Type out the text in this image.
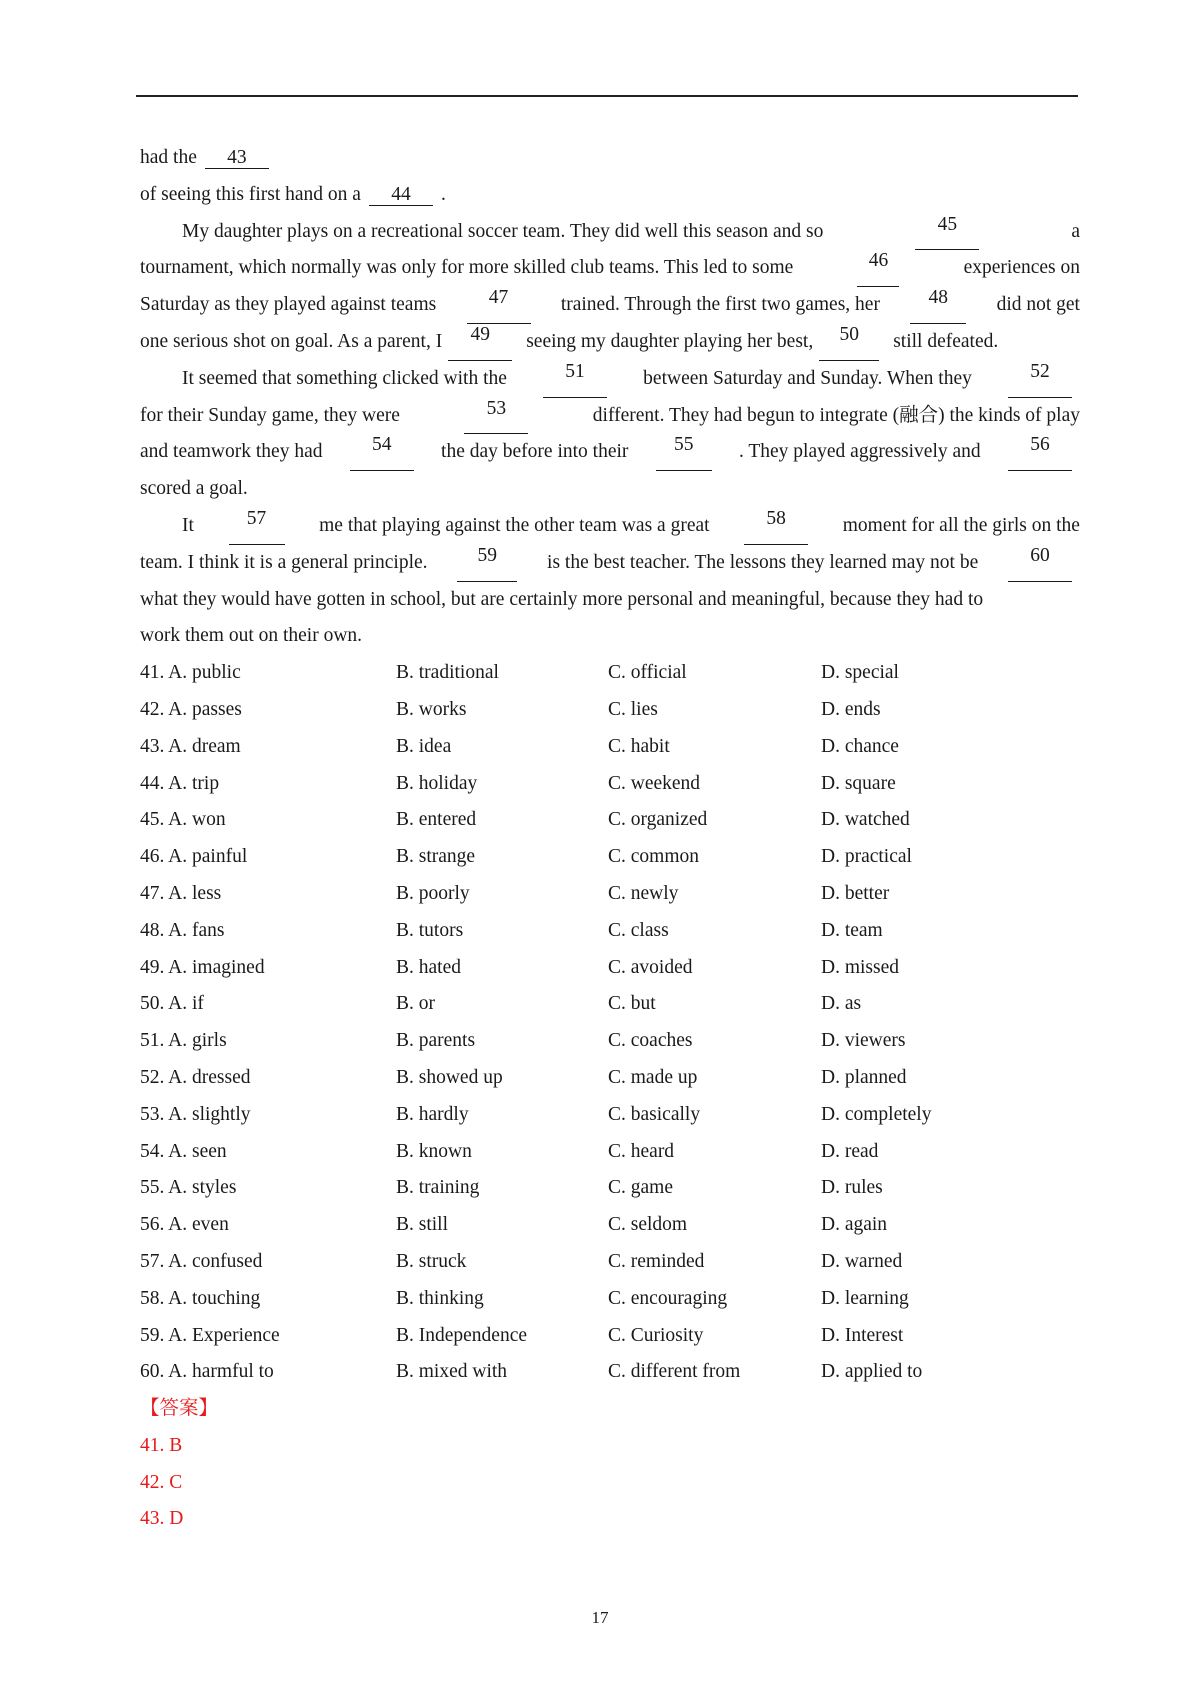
had the 43
of seeing this first hand on a 44 .
My daughter plays on a recreational soccer team. They did well this season and so	45	a
tournament, which normally was only for more skilled club teams. This led to some	46	experiences on
Saturday as they played against teams	47	trained. Through the first two games, her	48	did not get
one serious shot on goal. As a parent, I	49	seeing my daughter playing her best,	50	still defeated.
It seemed that something clicked with the	51	between Saturday and Sunday. When they	52
for their Sunday game, they were	53	different. They had begun to integrate (融合) the kinds of play
and teamwork they had	54	the day before into their	55	. They played aggressively and	56
scored a goal.
It	57	me that playing against the other team was a great	58	moment for all the girls on the
team. I think it is a general principle.	59	is the best teacher. The lessons they learned may not be	60
what they would have gotten in school, but are certainly more personal and meaningful, because they had to
work them out on their own.
41. A. public	B. traditional	C. official	D. special
42. A. passes	B. works	C. lies	D. ends
43. A. dream	B. idea	C. habit	D. chance
44. A. trip	B. holiday	C. weekend	D. square
45. A. won	B. entered	C. organized	D. watched
46. A. painful	B. strange	C. common	D. practical
47. A. less	B. poorly	C. newly	D. better
48. A. fans	B. tutors	C. class	D. team
49. A. imagined	B. hated	C. avoided	D. missed
50. A. if	B. or	C. but	D. as
51. A. girls	B. parents	C. coaches	D. viewers
52. A. dressed	B. showed up	C. made up	D. planned
53. A. slightly	B. hardly	C. basically	D. completely
54. A. seen	B. known	C. heard	D. read
55. A. styles	B. training	C. game	D. rules
56. A. even	B. still	C. seldom	D. again
57. A. confused	B. struck	C. reminded	D. warned
58. A. touching	B. thinking	C. encouraging	D. learning
59. A. Experience	B. Independence	C. Curiosity	D. Interest
60. A. harmful to	B. mixed with	C. different from	D. applied to
【答案】
41. B
42. C
43. D
17
